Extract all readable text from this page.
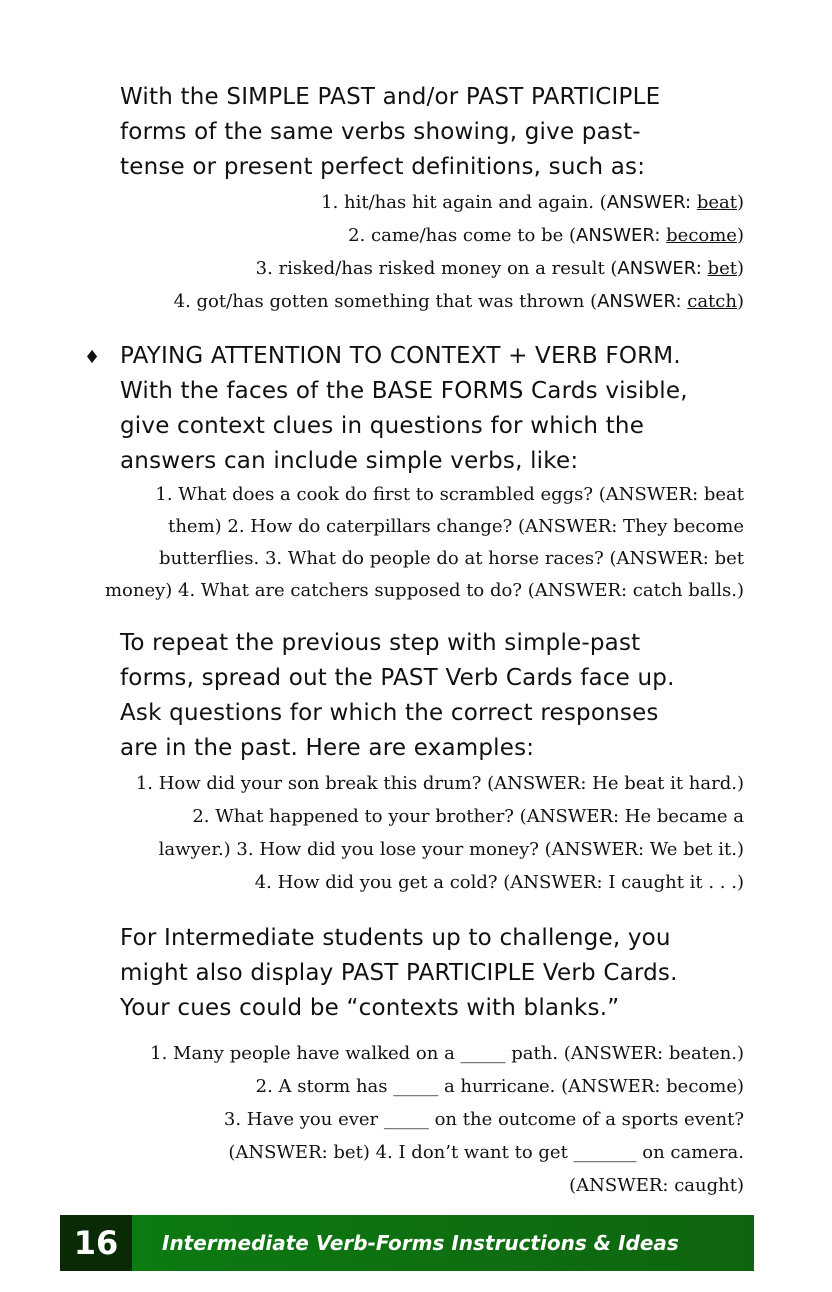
With the SIMPLE PAST and/or PAST PARTICIPLE

forms of the same verbs showing, give past-

tense or present perfect definitions, such as:

1. hit/has hit again and again. (ANSWER: beat)

2. came/has come to be (ANSWER: become)

3. risked/has risked money on a result (ANSWER: bet)

4. got/has gotten something that was thrown (ANSWER: catch)

♦ PAYING ATTENTION TO CONTEXT + VERB FORM.

With the faces of the BASE FORMS Cards visible,

give context clues in questions for which the

answers can include simple verbs, like:

1. What does a cook do first to scrambled eggs? (ANSWER: beat

them) 2. How do caterpillars change? (ANSWER: They become

butterflies. 3. What do people do at horse races? (ANSWER: bet

money) 4. What are catchers supposed to do? (ANSWER: catch balls.)

To repeat the previous step with simple-past

forms, spread out the PAST Verb Cards face up.

Ask questions for which the correct responses

are in the past. Here are examples:

1. How did your son break this drum? (ANSWER: He beat it hard.)

2. What happened to your brother? (ANSWER: He became a

lawyer.) 3. How did you lose your money? (ANSWER: We bet it.)

4. How did you get a cold? (ANSWER: I caught it . . .)

For Intermediate students up to challenge, you

might also display PAST PARTICIPLE Verb Cards.

Your cues could be “contexts with blanks.”

1. Many people have walked on a _____ path. (ANSWER: beaten.)

2. A storm has _____ a hurricane. (ANSWER: become)

3. Have you ever _____ on the outcome of a sports event?

(ANSWER: bet) 4. I don’t want to get _______ on camera.

(ANSWER: caught)

16	Intermediate Verb-Forms Instructions & Ideas
